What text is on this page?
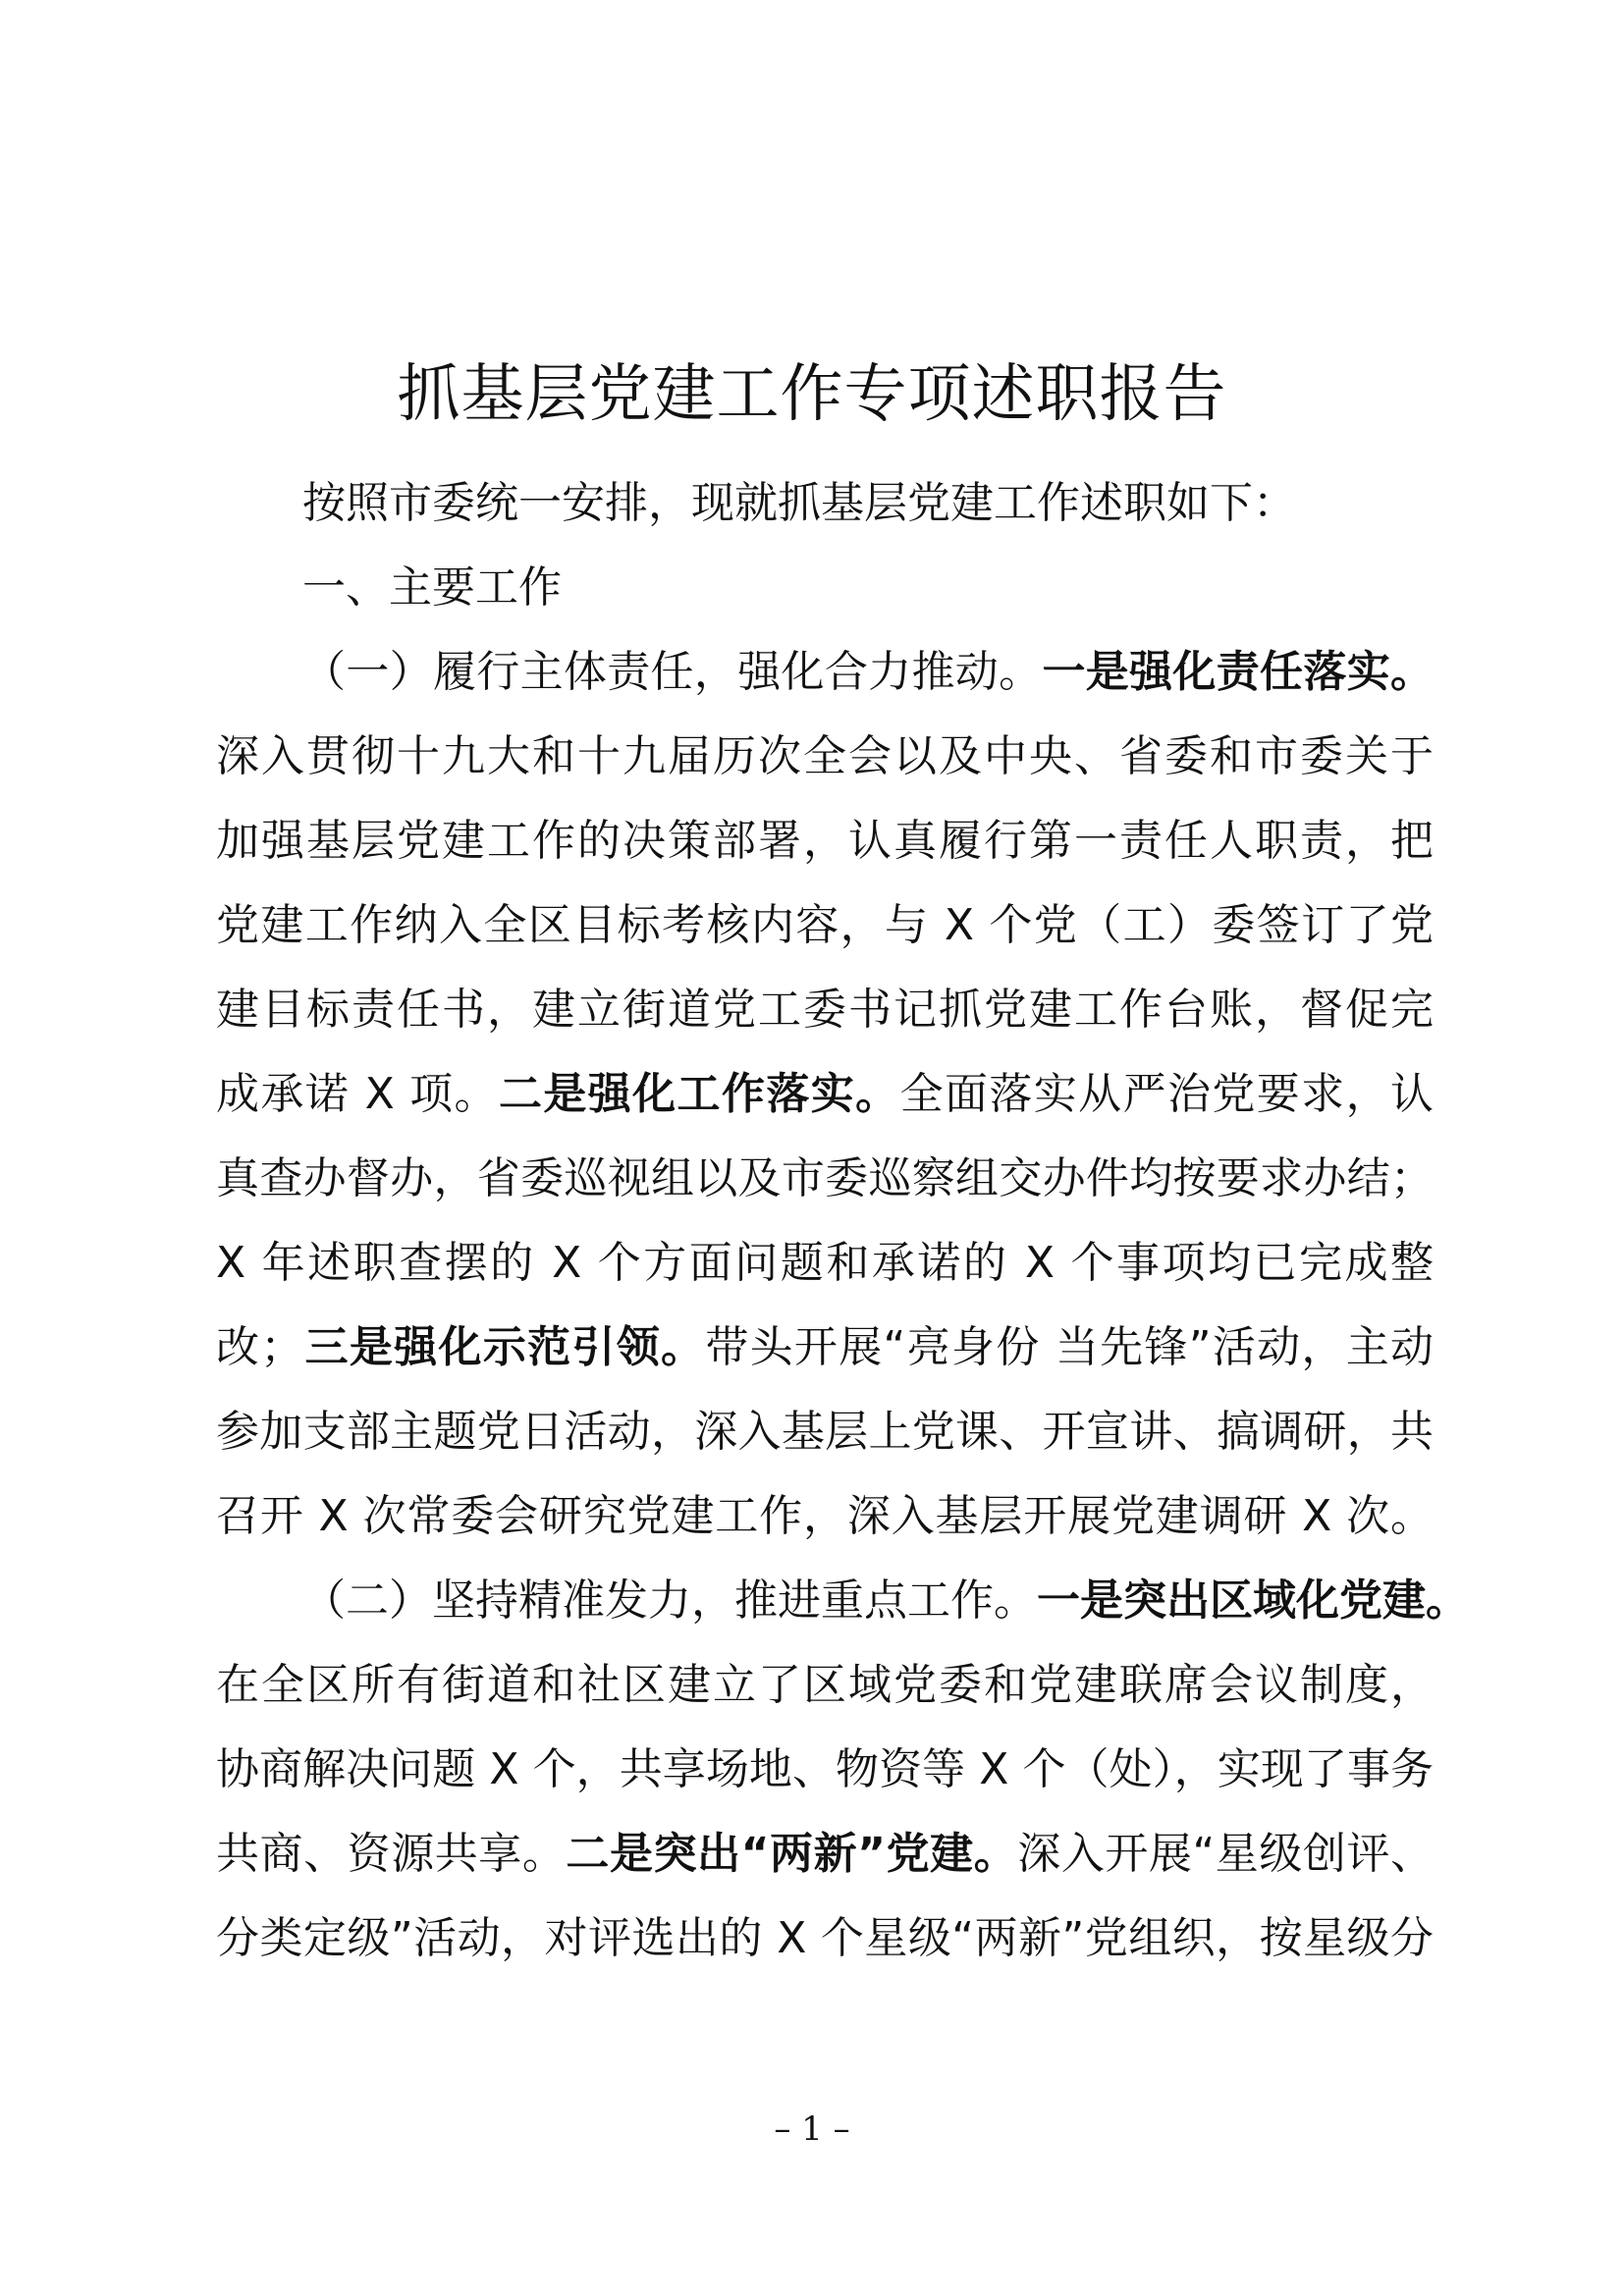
抓基层党建工作专项述职报告
按照市委统一安排，现就抓基层党建工作述职如下：
一、主要工作
（一）履行主体责任，强化合力推动。一是强化责任落实。
深入贯彻十九大和十九届历次全会以及中央、省委和市委关于
加强基层党建工作的决策部署，认真履行第一责任人职责，把
党建工作纳入全区目标考核内容，与 X 个党（工）委签订了党
建目标责任书，建立街道党工委书记抓党建工作台账，督促完
成承诺 X 项。二是强化工作落实。全面落实从严治党要求，认
真查办督办，省委巡视组以及市委巡察组交办件均按要求办结；
X 年述职查摆的 X 个方面问题和承诺的 X 个事项均已完成整
改；三是强化示范引领。带头开展“亮身份 当先锋”活动，主动
参加支部主题党日活动，深入基层上党课、开宣讲、搞调研，共
召开 X 次常委会研究党建工作，深入基层开展党建调研 X 次。
（二）坚持精准发力，推进重点工作。一是突出区域化党建。
在全区所有街道和社区建立了区域党委和党建联席会议制度，
协商解决问题 X 个，共享场地、物资等 X 个（处），实现了事务
共商、资源共享。二是突出“两新”党建。深入开展“星级创评、
分类定级”活动，对评选出的 X 个星级“两新”党组织，按星级分
– 1 –
